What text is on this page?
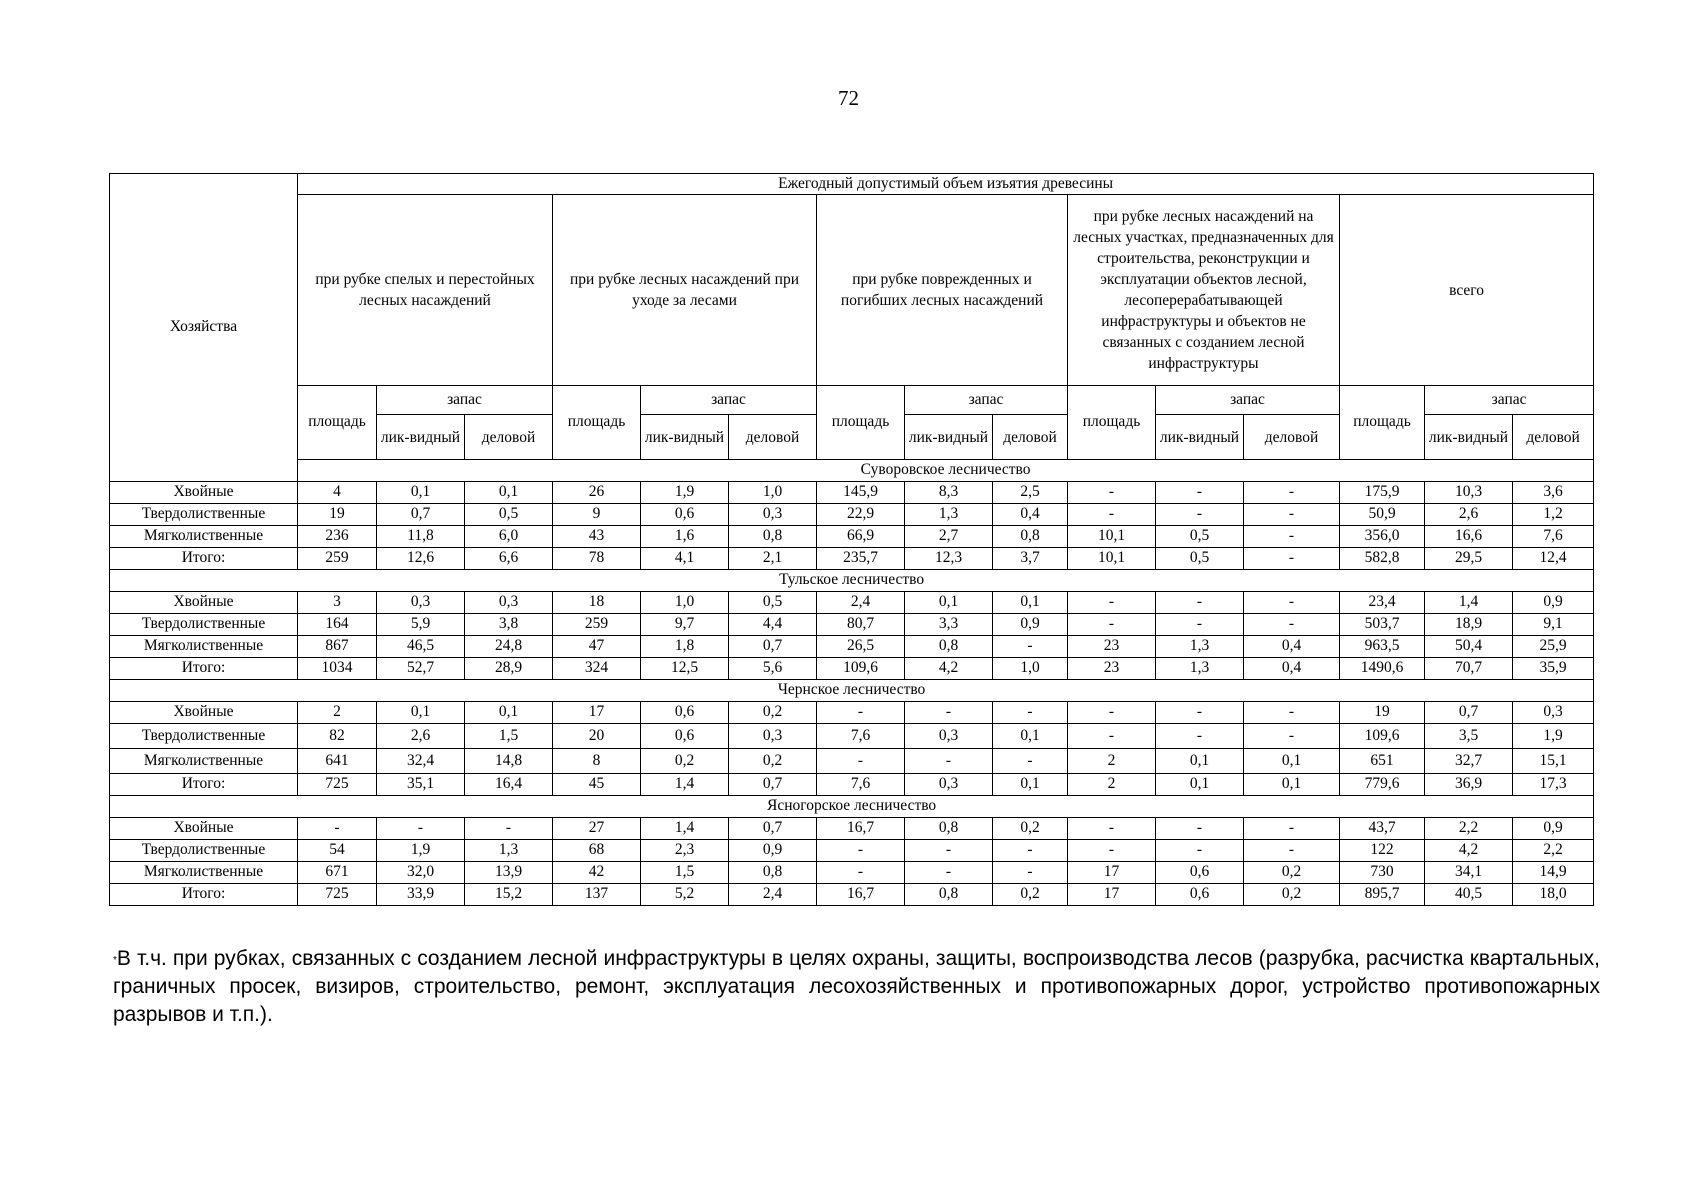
72
Хозяйства	Ежегодный допустимый объем изъятия древесины														
	при рубке спелых и перестойных лесных насаждений			при рубке лесных насаждений при уходе за лесами			при рубке поврежденных и погибших лесных насаждений			при рубке лесных насаждений на лесных участках, предназначенных для строительства, реконструкции и эксплуатации объектов лесной, лесоперерабатывающей инфраструктуры и объектов не связанных с созданием лесной инфраструктуры			всего		
	площадь	запас		площадь	запас		площадь	запас		площадь	запас		площадь	запас	
		лик-видный	деловой		лик-видный	деловой		лик-видный	деловой		лик-видный	деловой		лик-видный	деловой
	Суворовское лесничество														
Хвойные	4	0,1	0,1	26	1,9	1,0	145,9	8,3	2,5	-	-	-	175,9	10,3	3,6
Твердолиственные	19	0,7	0,5	9	0,6	0,3	22,9	1,3	0,4	-	-	-	50,9	2,6	1,2
Мягколиственные	236	11,8	6,0	43	1,6	0,8	66,9	2,7	0,8	10,1	0,5	-	356,0	16,6	7,6
Итого:	259	12,6	6,6	78	4,1	2,1	235,7	12,3	3,7	10,1	0,5	-	582,8	29,5	12,4
Тульское лесничество															
Хвойные	3	0,3	0,3	18	1,0	0,5	2,4	0,1	0,1	-	-	-	23,4	1,4	0,9
Твердолиственные	164	5,9	3,8	259	9,7	4,4	80,7	3,3	0,9	-	-	-	503,7	18,9	9,1
Мягколиственные	867	46,5	24,8	47	1,8	0,7	26,5	0,8	-	23	1,3	0,4	963,5	50,4	25,9
Итого:	1034	52,7	28,9	324	12,5	5,6	109,6	4,2	1,0	23	1,3	0,4	1490,6	70,7	35,9
Чернское лесничество															
Хвойные	2	0,1	0,1	17	0,6	0,2	-	-	-	-	-	-	19	0,7	0,3
Твердолиственные	82	2,6	1,5	20	0,6	0,3	7,6	0,3	0,1	-	-	-	109,6	3,5	1,9
Мягколиственные	641	32,4	14,8	8	0,2	0,2	-	-	-	2	0,1	0,1	651	32,7	15,1
Итого:	725	35,1	16,4	45	1,4	0,7	7,6	0,3	0,1	2	0,1	0,1	779,6	36,9	17,3
Ясногорское лесничество															
Хвойные	-	-	-	27	1,4	0,7	16,7	0,8	0,2	-	-	-	43,7	2,2	0,9
Твердолиственные	54	1,9	1,3	68	2,3	0,9	-	-	-	-	-	-	122	4,2	2,2
Мягколиственные	671	32,0	13,9	42	1,5	0,8	-	-	-	17	0,6	0,2	730	34,1	14,9
Итого:	725	33,9	15,2	137	5,2	2,4	16,7	0,8	0,2	17	0,6	0,2	895,7	40,5	18,0
*В т.ч. при рубках, связанных с созданием лесной инфраструктуры в целях охраны, защиты, воспроизводства лесов (разрубка, расчистка квартальных, граничных просек, визиров, строительство, ремонт, эксплуатация лесохозяйственных и противопожарных дорог, устройство противопожарных разрывов и т.п.).
